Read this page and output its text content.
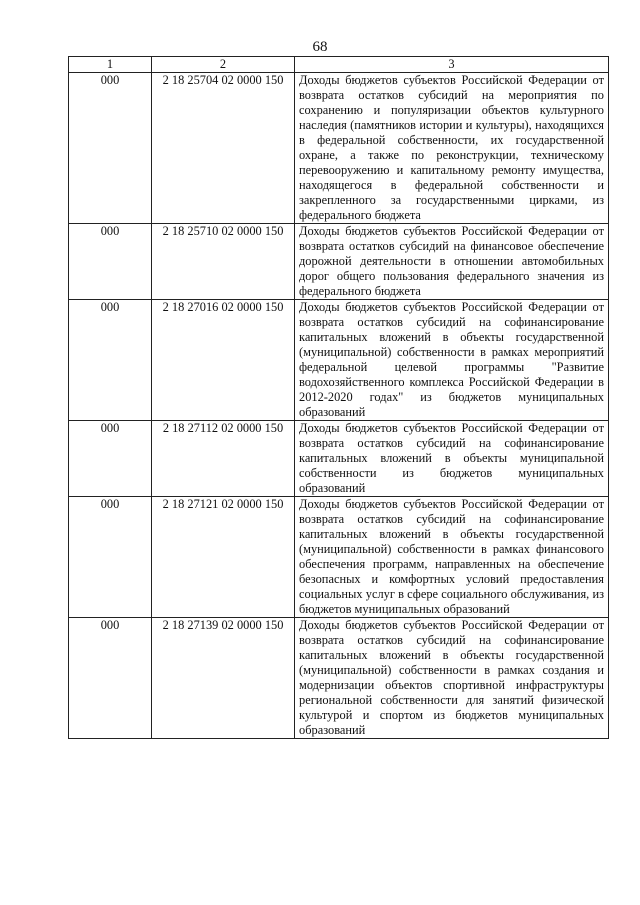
68
1	2	3
000	2 18 25704 02 0000 150	Доходы бюджетов субъектов Российской Федерации от возврата остатков субсидий на мероприятия по сохранению и популяризации объектов культурного наследия (памятников истории и культуры), находящихся в федеральной собственности, их государственной охране, а также по реконструкции, техническому перевооружению и капитальному ремонту имущества, находящегося в федеральной собственности и закрепленного за государственными цирками, из федерального бюджета
000	2 18 25710 02 0000 150	Доходы бюджетов субъектов Российской Федерации от возврата остатков субсидий на финансовое обеспечение дорожной деятельности в отношении автомобильных дорог общего пользования федерального значения из федерального бюджета
000	2 18 27016 02 0000 150	Доходы бюджетов субъектов Российской Федерации от возврата остатков субсидий на софинансирование капитальных вложений в объекты государственной (муниципальной) собственности в рамках мероприятий федеральной целевой программы "Развитие водохозяйственного комплекса Российской Федерации в 2012-2020 годах" из бюджетов муниципальных образований
000	2 18 27112 02 0000 150	Доходы бюджетов субъектов Российской Федерации от возврата остатков субсидий на софинансирование капитальных вложений в объекты муниципальной собственности из бюджетов муниципальных образований
000	2 18 27121 02 0000 150	Доходы бюджетов субъектов Российской Федерации от возврата остатков субсидий на софинансирование капитальных вложений в объекты государственной (муниципальной) собственности в рамках финансового обеспечения программ, направленных на обеспечение безопасных и комфортных условий предоставления социальных услуг в сфере социального обслуживания, из бюджетов муниципальных образований
000	2 18 27139 02 0000 150	Доходы бюджетов субъектов Российской Федерации от возврата остатков субсидий на софинансирование капитальных вложений в объекты государственной (муниципальной) собственности в рамках создания и модернизации объектов спортивной инфраструктуры региональной собственности для занятий физической культурой и спортом из бюджетов муниципальных образований
